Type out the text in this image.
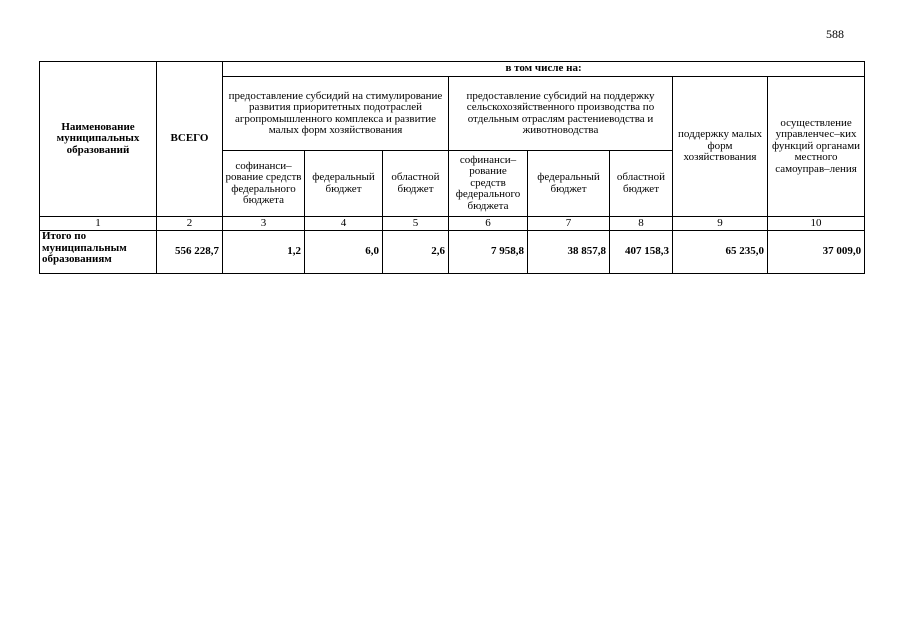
588
Наименование муниципальных образований	ВСЕГО	в том числе на:							
		предоставление субсидий на стимулирование развития приоритетных подотраслей агропромышленного комплекса и развитие малых форм хозяйствования			предоставление субсидий на поддержку сельскохозяйственного производства по отдельным отраслям растениеводства и животноводства			поддержку малых форм хозяйствования	осуществление управленчес–ких функций органами местного самоуправ–ления
		софинанси–рование средств федерального бюджета	федеральный бюджет	областной бюджет	софинанси–рование средств федерального бюджета	федеральный бюджет	областной бюджет		
1	2	3	4	5	6	7	8	9	10
Итого по муниципальным образованиям	556 228,7	1,2	6,0	2,6	7 958,8	38 857,8	407 158,3	65 235,0	37 009,0
